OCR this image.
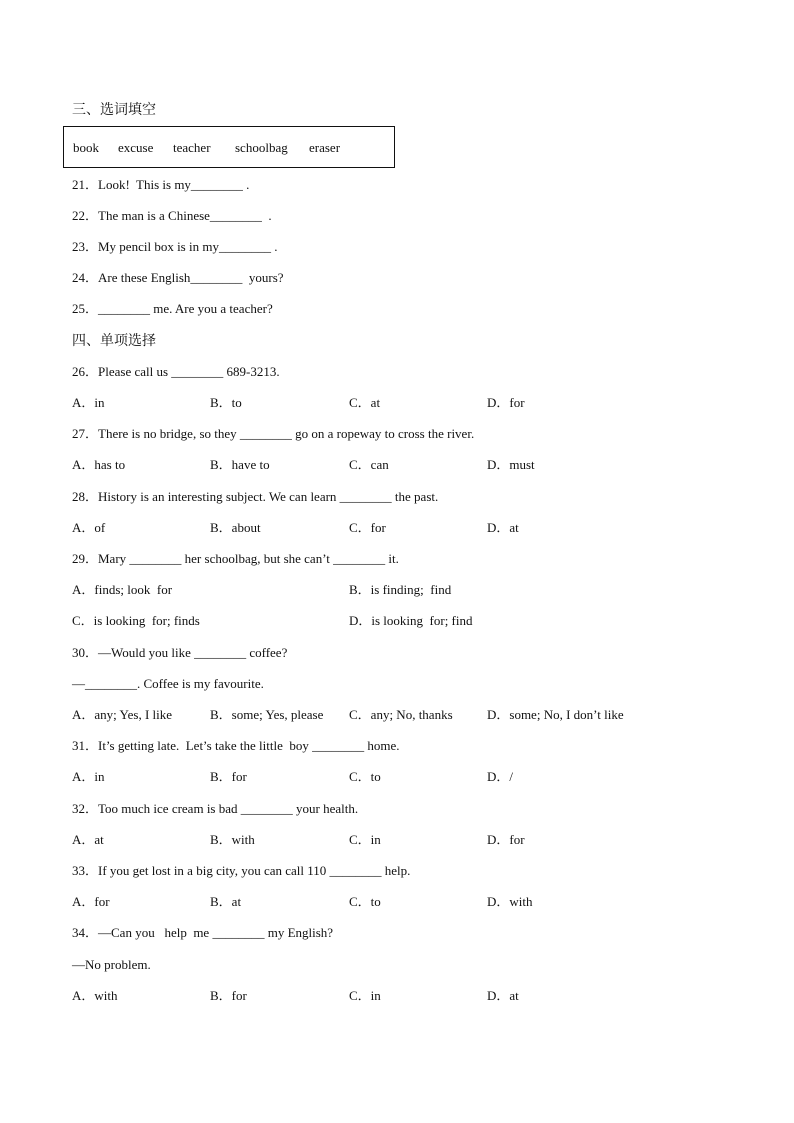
三、选词填空
book excuse teacher schoolbag eraser
21．Look!  This is my________ .
22．The man is a Chinese________  .
23．My pencil box is in my________ .
24．Are these English________  yours?
25．________ me. Are you a teacher?
四、单项选择
26．Please call us ________ 689-3213.
A．in	B．to	C．at	D．for
27．There is no bridge, so they ________ go on a ropeway to cross the river.
A．has to	B．have to	C．can	D．must
28．History is an interesting subject. We can learn ________ the past.
A．of	B．about	C．for	D．at
29．Mary ________ her schoolbag, but she can’t ________ it.
A．finds; look  for	B．is finding;  find
C．is looking  for; finds	D．is looking  for; find
30．—Would you like ________ coffee?
—________. Coffee is my favourite.
A．any; Yes, I like	B．some; Yes, please C．any; No, thanks	D．some; No, I don’t like
31．It’s getting late.  Let’s take the little  boy ________ home.
A．in	B．for	C．to	D．/
32．Too much ice cream is bad ________ your health.
A．at	B．with	C．in	D．for
33．If you get lost in a big city, you can call 110 ________ help.
A．for	B．at	C．to	D．with
34．—Can you   help  me ________ my English?
—No problem.
A．with	B．for	C．in	D．at
